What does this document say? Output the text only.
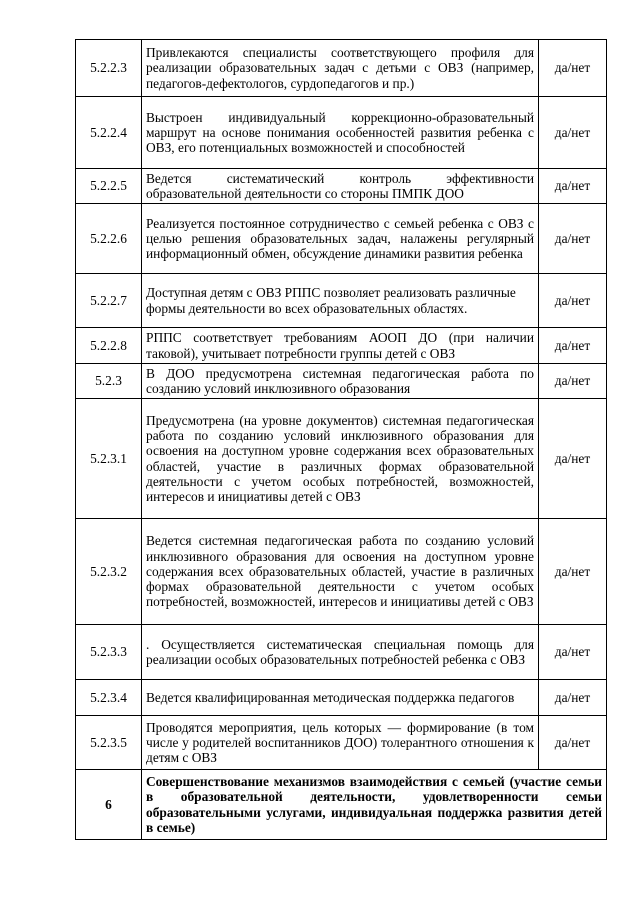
5.2.2.3	Привлекаются специалисты соответствующего профиля для реализации образовательных задач с детьми с ОВЗ (например, педагогов-дефектологов, сурдопедагогов и пр.)	да/нет
5.2.2.4	Выстроен индивидуальный коррекционно-образовательный маршрут на основе понимания особенностей развития ребенка с ОВЗ, его потенциальных возможностей и способностей	да/нет
5.2.2.5	Ведется систематический контроль эффективности образовательной деятельности со стороны ПМПК ДОО	да/нет
5.2.2.6	Реализуется постоянное сотрудничество с семьей ребенка с ОВЗ с целью решения образовательных задач, налажены регулярный информационный обмен, обсуждение динамики развития ребенка	да/нет
5.2.2.7	Доступная детям с ОВЗ РППС позволяет реализовать различные формы деятельности во всех образовательных областях.	да/нет
5.2.2.8	РППС соответствует требованиям АООП ДО (при наличии таковой), учитывает потребности группы детей с ОВЗ	да/нет
5.2.3	В ДОО предусмотрена системная педагогическая работа по созданию условий инклюзивного образования	да/нет
5.2.3.1	Предусмотрена (на уровне документов) системная педагогическая работа по созданию условий инклюзивного образования для освоения на доступном уровне содержания всех образовательных областей, участие в различных формах образовательной деятельности с учетом особых потребностей, возможностей, интересов и инициативы детей с ОВЗ	да/нет
5.2.3.2	Ведется системная педагогическая работа по созданию условий инклюзивного образования для освоения на доступном уровне содержания всех образовательных областей, участие в различных формах образовательной деятельности с учетом особых потребностей, возможностей, интересов и инициативы детей с ОВЗ	да/нет
5.2.3.3	. Осуществляется систематическая специальная помощь для реализации особых образовательных потребностей ребенка с ОВЗ	да/нет
5.2.3.4	Ведется квалифицированная методическая поддержка педагогов	да/нет
5.2.3.5	Проводятся мероприятия, цель которых — формирование (в том числе у родителей воспитанников ДОО) толерантного отношения к детям с ОВЗ	да/нет
6	Совершенствование механизмов взаимодействия с семьей (участие семьи в образовательной деятельности, удовлетворенности семьи образовательными услугами, индивидуальная поддержка развития детей в семье)	
